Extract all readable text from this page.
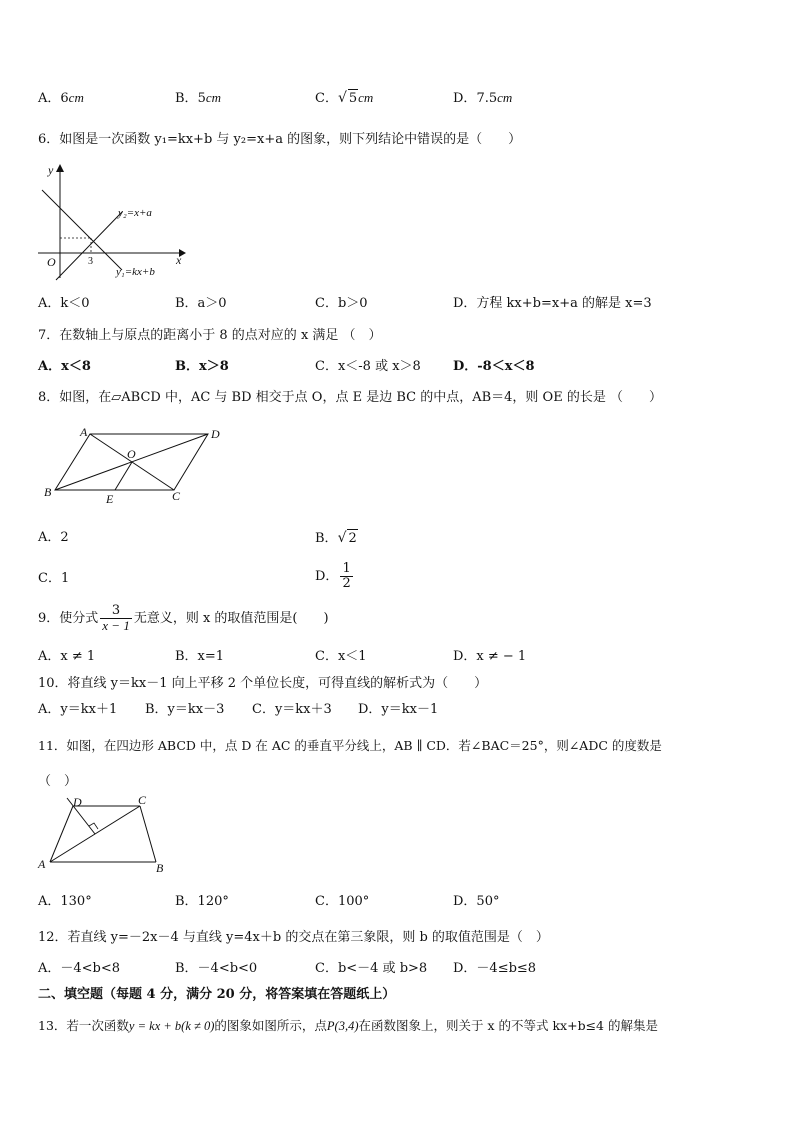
A．6cm	B．5cm	C．√ 5cm	D．7.5cm
6．如图是一次函数 y₁=kx+b 与 y₂=x+a 的图象，则下列结论中错误的是（　　）
y
x
O	3
y₂=x+a
y₁=kx+b
A．k＜0	B．a＞0	C．b＞0	D．方程 kx+b=x+a 的解是 x=3
7．在数轴上与原点的距离小于 8 的点对应的 x 满足 （　）
A．x＜8	B．x＞8	C．x＜-8 或 x＞8 D．-8＜x＜8
8．如图，在▱ABCD 中，AC 与 BD 相交于点 O，点 E 是边 BC 的中点，AB＝4，则 OE 的长是 （　　）
A	D
B	C
O
E
A．2	B．√ 2
C．1	D． $\frac{1}{2}$
9．使分式 $\frac{3}{x - 1}$ 无意义，则 x 的取值范围是(　　)
A．x ≠ 1	B．x=1	C．x＜1	D．x ≠ − 1
10．将直线 y＝kx－1 向上平移 2 个单位长度，可得直线的解析式为（　　）
A．y＝kx＋1 B．y＝kx－3 C．y＝kx＋3 D．y＝kx－1
11．如图，在四边形 ABCD 中，点 D 在 AC 的垂直平分线上，AB ∥ CD．若∠BAC＝25°，则∠ADC 的度数是
（　）
D	C
A	B
A．130°	B．120°	C．100°	D．50°
12．若直线 y=－2x－4 与直线 y=4x＋b 的交点在第三象限，则 b 的取值范围是（　）
A．－4<b<8	B．－4<b<0	C．b<－4 或 b>8 D．－4≤b≤8
二、填空题（每题 4 分，满分 20 分，将答案填在答题纸上）
13．若一次函数y = kx + b(k ≠ 0)的图象如图所示，点P(3,4)在函数图象上，则关于 x 的不等式 kx+b≤4 的解集是
